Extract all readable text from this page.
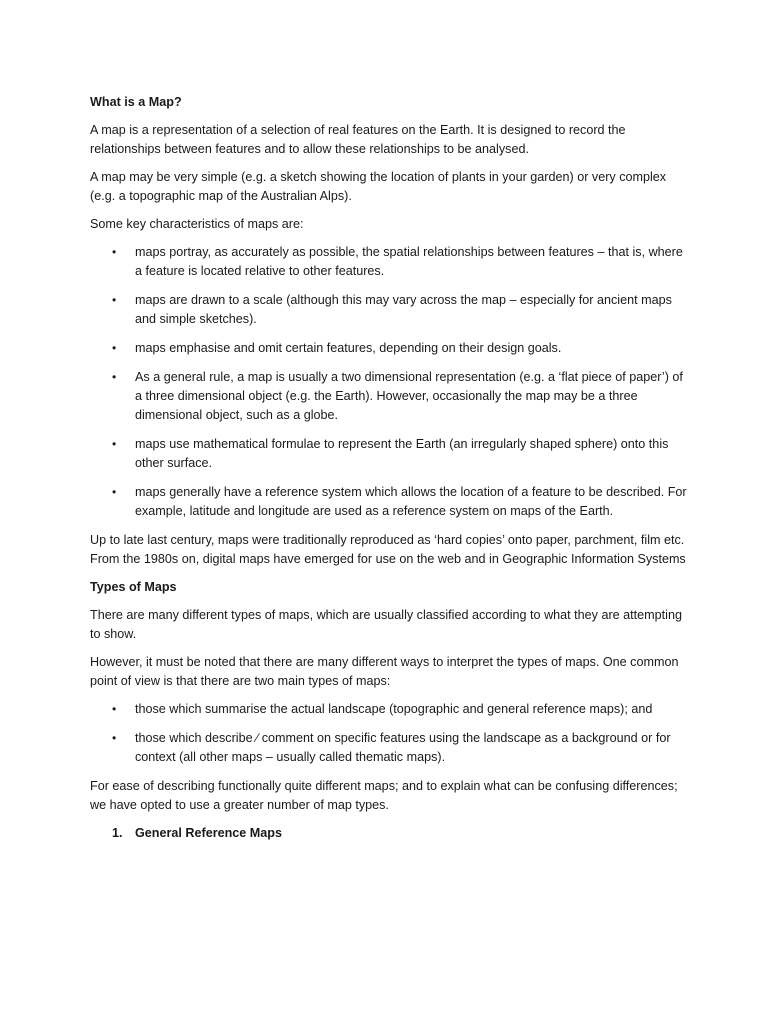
What is a Map?

A map is a representation of a selection of real features on the Earth. It is designed to record the relationships between features and to allow these relationships to be analysed.

A map may be very simple (e.g. a sketch showing the location of plants in your garden) or very complex (e.g. a topographic map of the Australian Alps).

Some key characteristics of maps are:

• maps portray, as accurately as possible, the spatial relationships between features – that is, where a feature is located relative to other features.
• maps are drawn to a scale (although this may vary across the map – especially for ancient maps and simple sketches).
• maps emphasise and omit certain features, depending on their design goals.
• As a general rule, a map is usually a two dimensional representation (e.g. a ‘flat piece of paper’) of a three dimensional object (e.g. the Earth). However, occasionally the map may be a three dimensional object, such as a globe.
• maps use mathematical formulae to represent the Earth (an irregularly shaped sphere) onto this other surface.
• maps generally have a reference system which allows the location of a feature to be described. For example, latitude and longitude are used as a reference system on maps of the Earth.

Up to late last century, maps were traditionally reproduced as ‘hard copies’ onto paper, parchment, film etc. From the 1980s on, digital maps have emerged for use on the web and in Geographic Information Systems

Types of Maps

There are many different types of maps, which are usually classified according to what they are attempting to show.

However, it must be noted that there are many different ways to interpret the types of maps. One common point of view is that there are two main types of maps:

• those which summarise the actual landscape (topographic and general reference maps); and
• those which describe ∕ comment on specific features using the landscape as a background or for context (all other maps – usually called thematic maps).

For ease of describing functionally quite different maps; and to explain what can be confusing differences; we have opted to use a greater number of map types.

1. General Reference Maps
